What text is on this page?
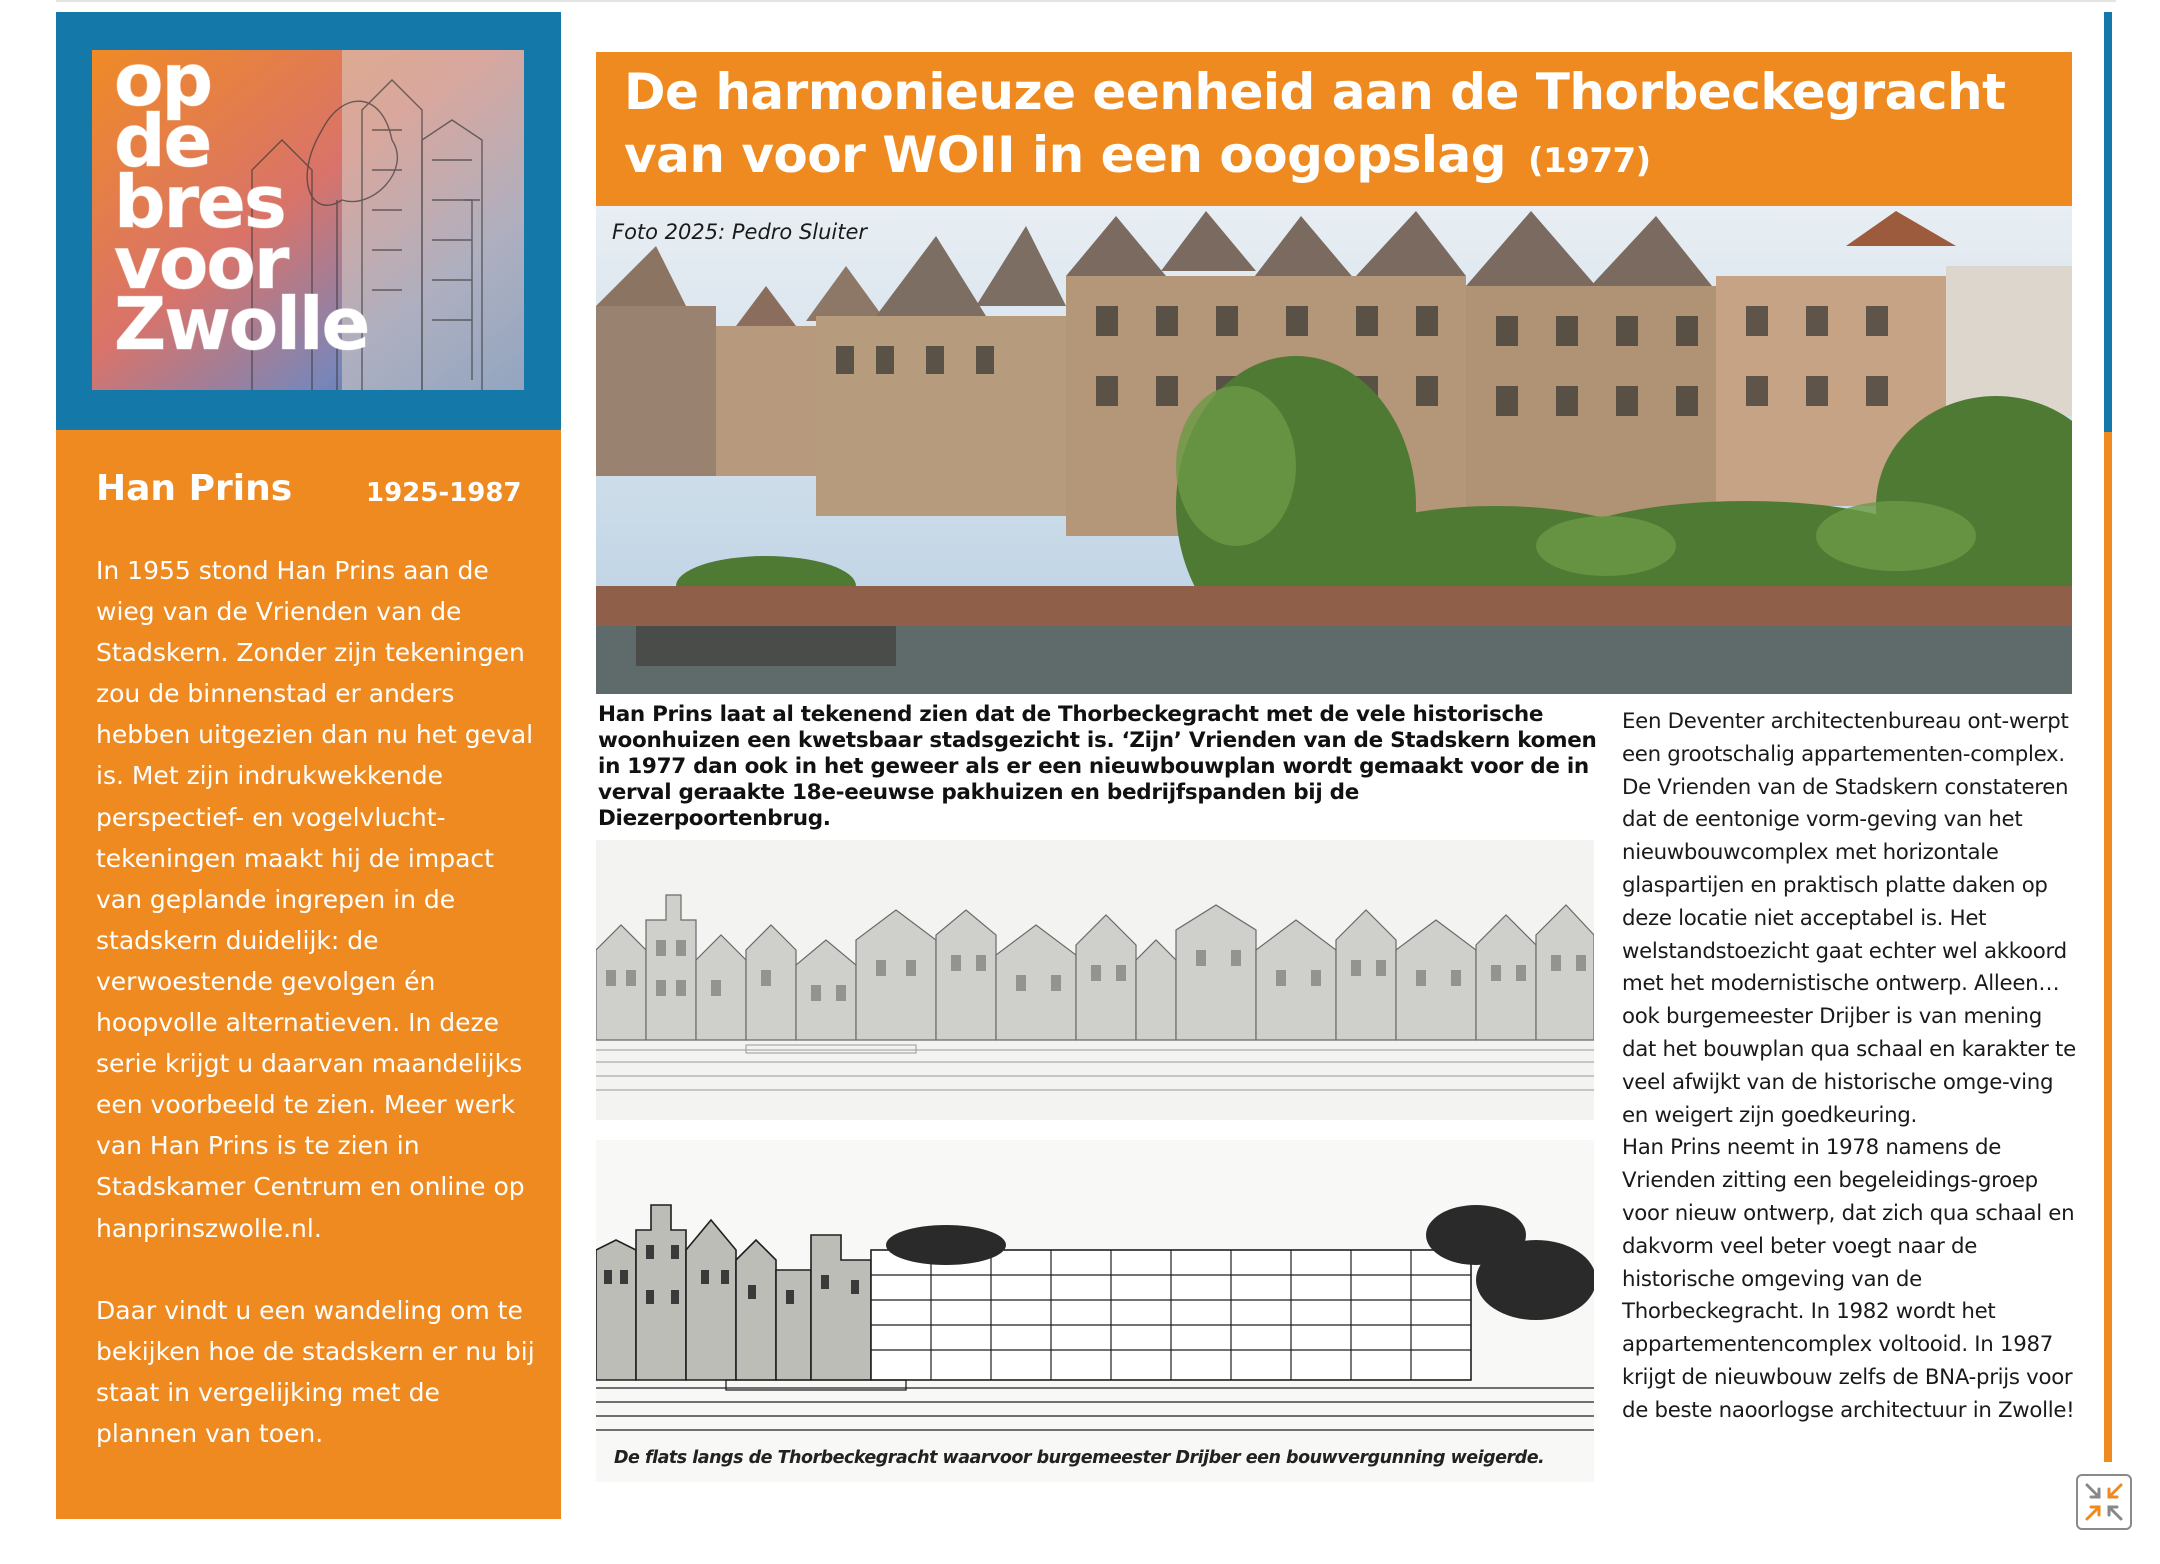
op
de
bres
voor
Zwolle
Han Prins	1925-1987

In 1955 stond Han Prins aan de wieg van de Vrienden van de Stadskern. Zonder zijn tekeningen zou de binnenstad er anders hebben uitgezien dan nu het geval is. Met zijn indrukwekkende perspectief- en vogelvlucht-tekeningen maakt hij de impact van geplande ingrepen in de stadskern duidelijk: de verwoestende gevolgen én hoopvolle alternatieven. In deze serie krijgt u daarvan maandelijks een voorbeeld te zien. Meer werk van Han Prins is te zien in Stadskamer Centrum en online op hanprinszwolle.nl.

Daar vindt u een wandeling om te bekijken hoe de stadskern er nu bij staat in vergelijking met de plannen van toen.

De harmonieuze eenheid aan de Thorbeckegracht van voor WOII in een oogopslag (1977)
Foto 2025: Pedro Sluiter

Han Prins laat al tekenend zien dat de Thorbeckegracht met de vele historische woonhuizen een kwetsbaar stadsgezicht is. ‘Zijn’ Vrienden van de Stadskern komen in 1977 dan ook in het geweer als er een nieuwbouwplan wordt gemaakt voor de in verval geraakte 18e-eeuwse pakhuizen en bedrijfspanden bij de Diezerpoortenbrug.

De flats langs de Thorbeckegracht waarvoor burgemeester Drijber een bouwvergunning weigerde.

Een Deventer architectenbureau ont-werpt een grootschalig appartementen-complex. De Vrienden van de Stadskern constateren dat de eentonige vorm-geving van het nieuwbouwcomplex met horizontale glaspartijen en praktisch platte daken op deze locatie niet acceptabel is. Het welstandstoezicht gaat echter wel akkoord met het modernistische ontwerp. Alleen… ook burgemeester Drijber is van mening dat het bouwplan qua schaal en karakter te veel afwijkt van de historische omge-ving en weigert zijn goedkeuring.

Han Prins neemt in 1978 namens de Vrienden zitting een begeleidings-groep voor nieuw ontwerp, dat zich qua schaal en dakvorm veel beter voegt naar de historische omgeving van de Thorbeckegracht. In 1982 wordt het appartementencomplex voltooid. In 1987 krijgt de nieuwbouw zelfs de BNA-prijs voor de beste naoorlogse architectuur in Zwolle!
